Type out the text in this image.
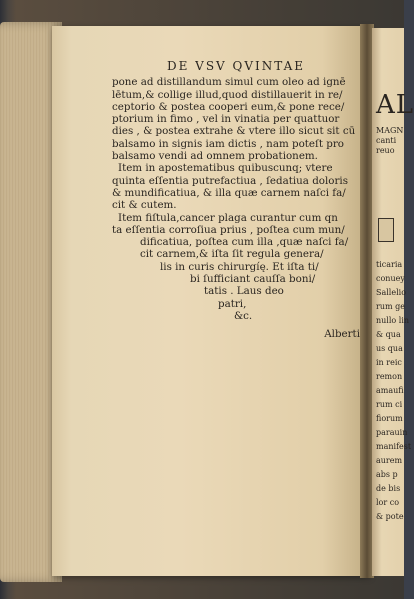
AL
MAGN
canti
reuo
ticaria
conuey
Sallelio
rum ge
nullo lin
& qua
us qua
in reic
remon
amaufi
rum ci
fiorum
parauin
manifest
aurem
abs p
de bis
lor co
& pote
DE VSV QVINTAE
pone ad distillandum simul cum oleo ad ignē
lētum,& collige illud,quod distillauerit in re/
ceptorio & postea cooperi eum,& pone rece/
ptorium in fimo , vel in vinatia per quattuor
dies , & postea extrahe & vtere illo sicut sit cū
balsamo in signis iam dictis , nam poteſt pro
balsamo vendi ad omnem probationem.
Item in apostematibus quibuscunq; vtere
quinta eſſentia putrefactiua , ſedatiua doloris
& mundificatiua, & illa quæ carnem naſci fa/
cit & cutem.
Item fiſtula,cancer plaga curantur cum qn
ta eſſentia corroſiua prius , poſtea cum mun/
dificatiua, poſtea cum illa ,quæ naſci fa/
cit carnem,& iſta ſit regula genera/
lis in curis chirurgíę. Et iſta ti/
bi ſufficiant cauſſa boni/
tatis . Laus deo
patri,
&c.
Alberti
